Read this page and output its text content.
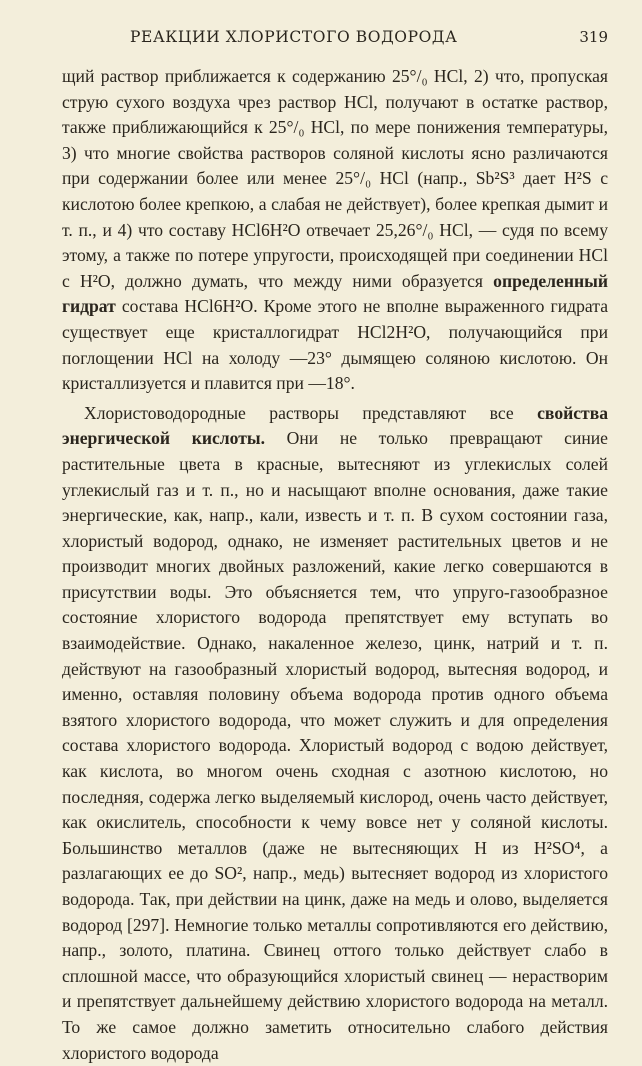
РЕАКЦИИ ХЛОРИСТОГО ВОДОРОДА	319

щий раствор приближается к содержанию 25°/₀ HCl, 2) что, пропуская струю сухого воздуха чрез раствор HCl, получают в остатке раствор, также приближающийся к 25°/₀ HCl, по мере понижения температуры, 3) что многие свойства растворов соляной кислоты ясно различаются при содержании более или менее 25°/₀ HCl (напр., Sb²S³ дает H²S с кислотою более крепкою, а слабая не действует), более крепкая дымит и т. п., и 4) что составу HCl6H²O отвечает 25,26°/₀ HCl, — судя по всему этому, а также по потере упругости, происходящей при соединении HCl с H²O, должно думать, что между ними образуется определенный гидрат состава HCl6H²O. Кроме этого не вполне выраженного гидрата существует еще кристаллогидрат HCl2H²O, получающийся при поглощении HCl на холоду —23° дымящею соляною кислотою. Он кристаллизуется и плавится при —18°.

Хлористоводородные растворы представляют все свойства энергической кислоты. Они не только превращают синие растительные цвета в красные, вытесняют из углекислых солей углекислый газ и т. п., но и насыщают вполне основания, даже такие энергические, как, напр., кали, известь и т. п. В сухом состоянии газа, хлористый водород, однако, не изменяет растительных цветов и не производит многих двойных разложений, какие легко совершаются в присутствии воды. Это объясняется тем, что упруго-газообразное состояние хлористого водорода препятствует ему вступать во взаимодействие. Однако, накаленное железо, цинк, натрий и т. п. действуют на газообразный хлористый водород, вытесняя водород, и именно, оставляя половину объема водорода против одного объема взятого хлористого водорода, что может служить и для определения состава хлористого водорода. Хлористый водород с водою действует, как кислота, во многом очень сходная с азотною кислотою, но последняя, содержа легко выделяемый кислород, очень часто действует, как окислитель, способности к чему вовсе нет у соляной кислоты. Большинство металлов (даже не вытесняющих H из H²SO⁴, а разлагающих ее до SO², напр., медь) вытесняет водород из хлористого водорода. Так, при действии на цинк, даже на медь и олово, выделяется водород [297]. Немногие только металлы сопротивляются его действию, напр., золото, платина. Свинец оттого только действует слабо в сплошной массе, что образующийся хлористый свинец — нерастворим и препятствует дальнейшему действию хлористого водорода на металл. То же самое должно заметить относительно слабого действия хлористого водорода
